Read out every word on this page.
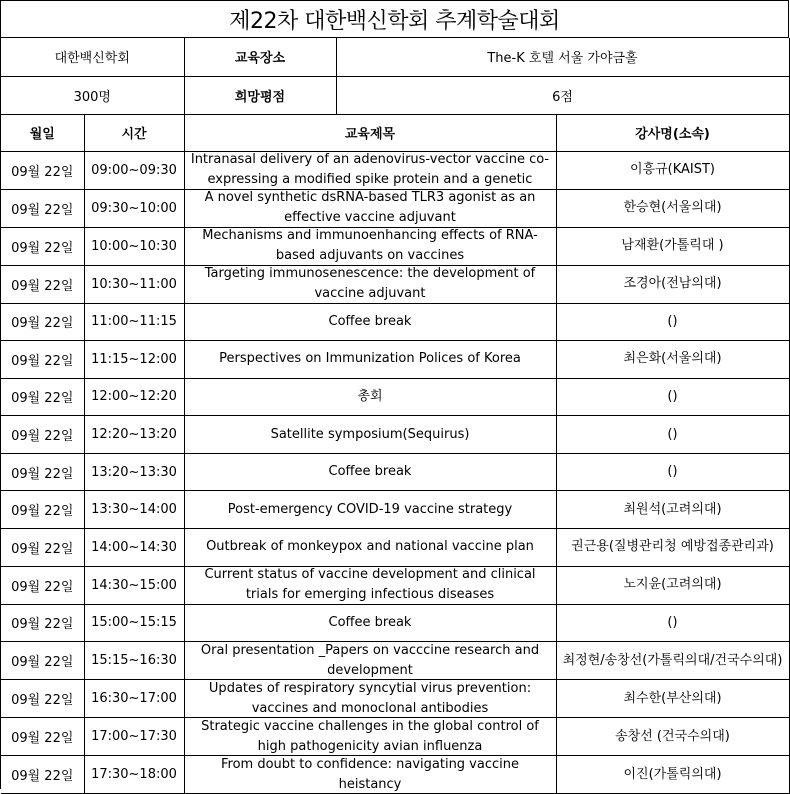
제22차 대한백신학회 추계학술대회
대한백신학회	교육장소	The-K 호텔 서울 가야금홀
300명	희망평점	6점
월일	시간	교육제목	강사명(소속)

09월 22일	09:00~09:30	Intranasal delivery of an adenovirus-vector vaccine co-expressing a modified spike protein and a genetic	이흥규(KAIST)

09월 22일	09:30~10:00	A novel synthetic dsRNA-based TLR3 agonist as an effective vaccine adjuvant	한승현(서울의대)

09월 22일	10:00~10:30	Mechanisms and immunoenhancing effects of RNA-based adjuvants on vaccines	남재환(가톨릭대 )

09월 22일	10:30~11:00	Targeting immunosenescence: the development of vaccine adjuvant	조경아(전남의대)

09월 22일	11:00~11:15	Coffee break	()

09월 22일	11:15~12:00	Perspectives on Immunization Polices of Korea	최은화(서울의대)

09월 22일	12:00~12:20	총회	()

09월 22일	12:20~13:20	Satellite symposium(Sequirus)	()

09월 22일	13:20~13:30	Coffee break	()

09월 22일	13:30~14:00	Post-emergency COVID-19 vaccine strategy	최원석(고려의대)

09월 22일	14:00~14:30	Outbreak of monkeypox and national vaccine plan	권근용(질병관리청 예방접종관리과)

09월 22일	14:30~15:00	Current status of vaccine development and clinical trials for emerging infectious diseases	노지윤(고려의대)

09월 22일	15:00~15:15	Coffee break	()

09월 22일	15:15~16:30	Oral presentation _Papers on vacccine research and development	최정현/송창선(가톨릭의대/건국수의대)

09월 22일	16:30~17:00	Updates of respiratory syncytial virus prevention: vaccines and monoclonal antibodies	최수한(부산의대)

09월 22일	17:00~17:30	Strategic vaccine challenges in the global control of high pathogenicity avian influenza	송창선 (건국수의대)

09월 22일	17:30~18:00	From doubt to confidence: navigating vaccine heistancy	이진(가톨릭의대)
